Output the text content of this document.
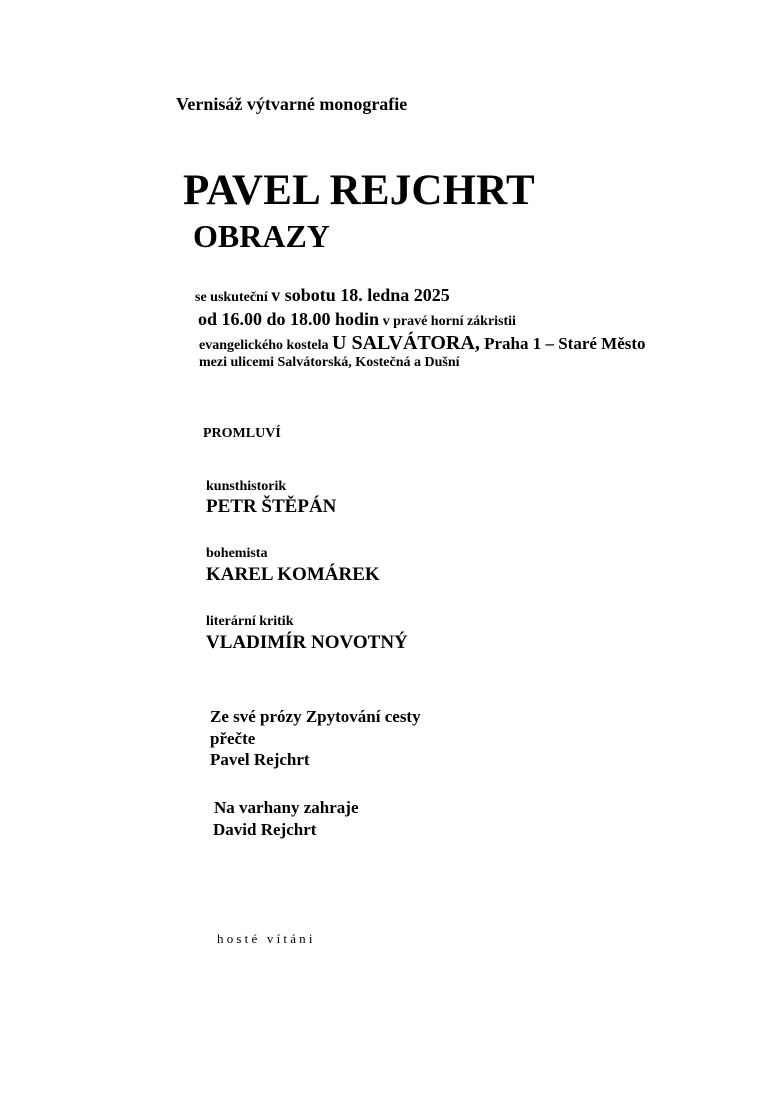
Vernisáž výtvarné monografie
PAVEL REJCHRT
OBRAZY
se uskuteční v sobotu 18. ledna 2025
od 16.00 do 18.00 hodin v pravé horní zákristii
evangelického kostela U SALVÁTORA, Praha 1 – Staré Město
mezi ulicemi Salvátorská, Kostečná a Dušní
PROMLUVÍ
kunsthistorik
PETR ŠTĚPÁN
bohemista
KAREL KOMÁREK
literární kritik
VLADIMÍR NOVOTNÝ
Ze své prózy Zpytování cesty
přečte
Pavel Rejchrt
Na varhany zahraje
David Rejchrt
hosté vítáni
